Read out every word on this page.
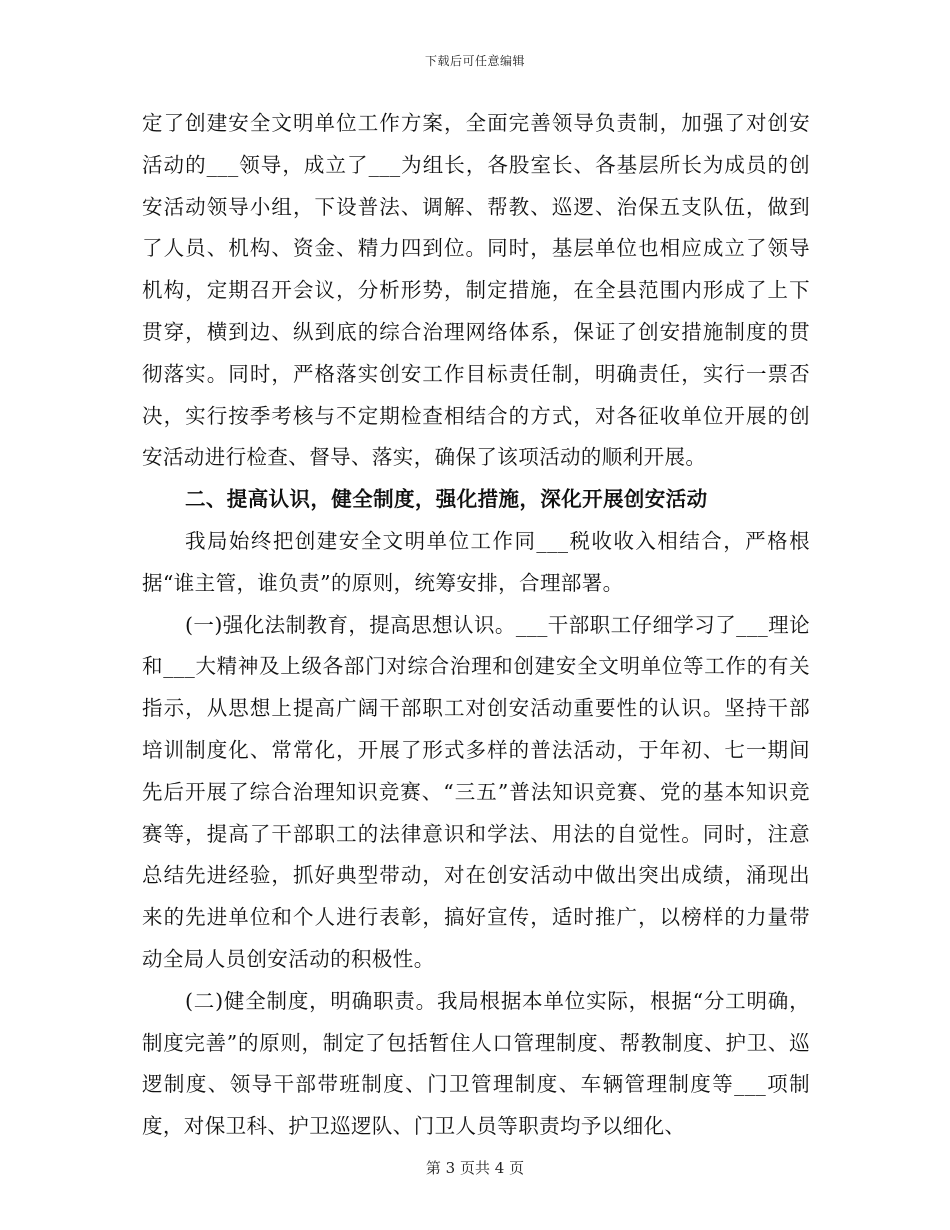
下载后可任意编辑

定了创建安全文明单位工作方案，全面完善领导负责制，加强了对创安活动的___领导，成立了___为组长，各股室长、各基层所长为成员的创安活动领导小组，下设普法、调解、帮教、巡逻、治保五支队伍，做到了人员、机构、资金、精力四到位。同时，基层单位也相应成立了领导机构，定期召开会议，分析形势，制定措施，在全县范围内形成了上下贯穿，横到边、纵到底的综合治理网络体系，保证了创安措施制度的贯彻落实。同时，严格落实创安工作目标责任制，明确责任，实行一票否决，实行按季考核与不定期检查相结合的方式，对各征收单位开展的创安活动进行检查、督导、落实，确保了该项活动的顺利开展。

二、提高认识，健全制度，强化措施，深化开展创安活动

我局始终把创建安全文明单位工作同___税收收入相结合，严格根据“谁主管，谁负责”的原则，统筹安排，合理部署。

(一)强化法制教育，提高思想认识。___干部职工仔细学习了___理论和___大精神及上级各部门对综合治理和创建安全文明单位等工作的有关指示，从思想上提高广阔干部职工对创安活动重要性的认识。坚持干部培训制度化、常常化，开展了形式多样的普法活动，于年初、七一期间先后开展了综合治理知识竞赛、“三五”普法知识竞赛、党的基本知识竞赛等，提高了干部职工的法律意识和学法、用法的自觉性。同时，注意总结先进经验，抓好典型带动，对在创安活动中做出突出成绩，涌现出来的先进单位和个人进行表彰，搞好宣传，适时推广，以榜样的力量带动全局人员创安活动的积极性。

(二)健全制度，明确职责。我局根据本单位实际，根据“分工明确，制度完善”的原则，制定了包括暂住人口管理制度、帮教制度、护卫、巡逻制度、领导干部带班制度、门卫管理制度、车辆管理制度等___项制度，对保卫科、护卫巡逻队、门卫人员等职责均予以细化、

第 3 页共 4 页
